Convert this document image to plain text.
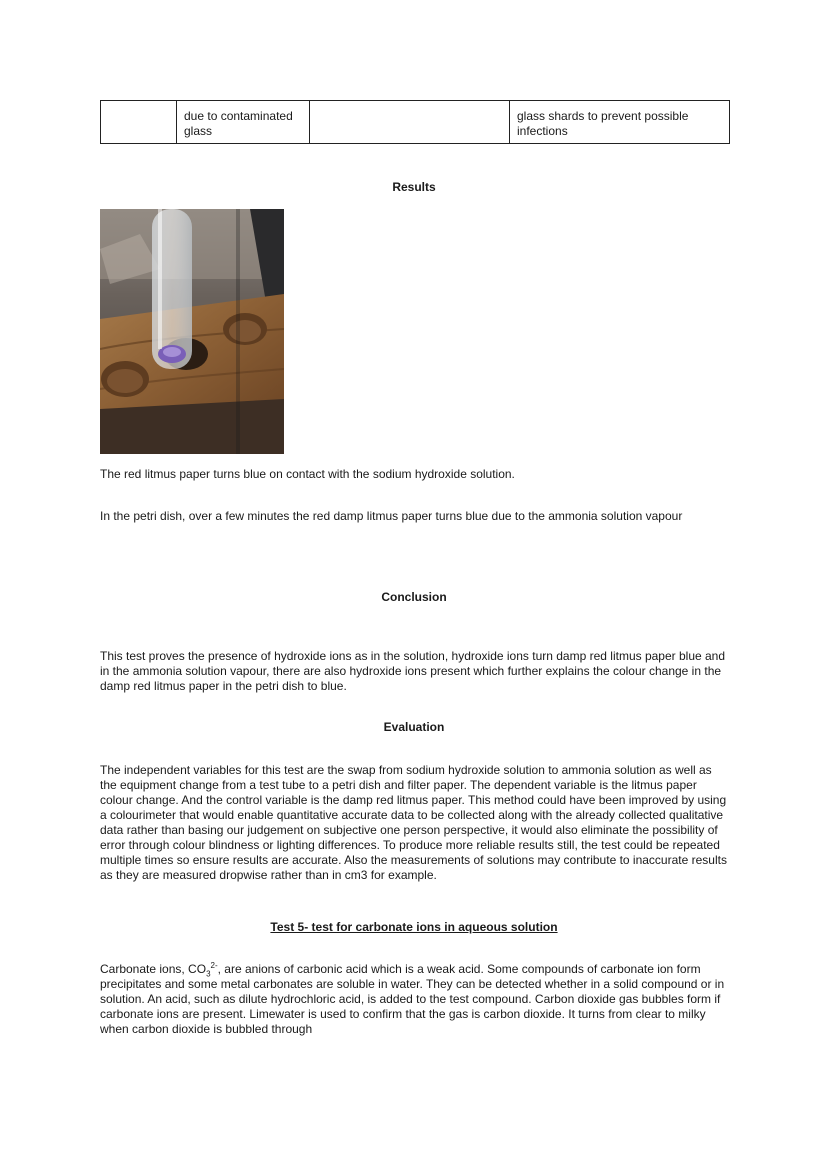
	due to contaminated glass		glass shards to prevent possible infections
Results
The red litmus paper turns blue on contact with the sodium hydroxide solution.
In the petri dish, over a few minutes the red damp litmus paper turns blue due to the ammonia solution vapour
Conclusion
This test proves the presence of hydroxide ions as in the solution, hydroxide ions turn damp red litmus paper blue and in the ammonia solution vapour, there are also hydroxide ions present which further explains the colour change in the damp red litmus paper in the petri dish to blue.
Evaluation
The independent variables for this test are the swap from sodium hydroxide solution to ammonia solution as well as the equipment change from a test tube to a petri dish and filter paper. The dependent variable is the litmus paper colour change. And the control variable is the damp red litmus paper. This method could have been improved by using a colourimeter that would enable quantitative accurate data to be collected along with the already collected qualitative data rather than basing our judgement on subjective one person perspective, it would also eliminate the possibility of error through colour blindness or lighting differences. To produce more reliable results still, the test could be repeated multiple times so ensure results are accurate. Also the measurements of solutions may contribute to inaccurate results as they are measured dropwise rather than in cm3 for example.
Test 5- test for carbonate ions in aqueous solution
Carbonate ions, $CO_3^{2-}$, are anions of carbonic acid which is a weak acid. Some compounds of carbonate ion form precipitates and some metal carbonates are soluble in water. They can be detected whether in a solid compound or in solution. An acid, such as dilute hydrochloric acid, is added to the test compound. Carbon dioxide gas bubbles form if carbonate ions are present. Limewater is used to confirm that the gas is carbon dioxide. It turns from clear to milky when carbon dioxide is bubbled through
